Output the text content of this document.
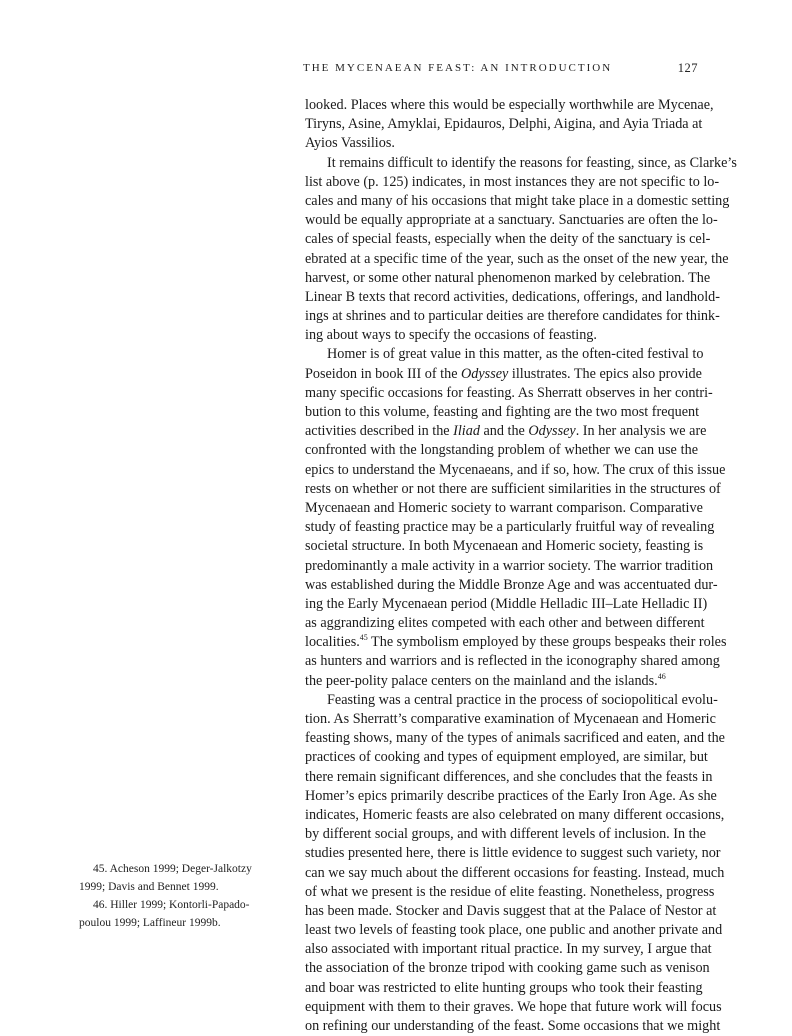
THE MYCENAEAN FEAST: AN INTRODUCTION	127
looked. Places where this would be especially worthwhile are Mycenae,
Tiryns, Asine, Amyklai, Epidauros, Delphi, Aigina, and Ayia Triada at
Ayios Vassilios.
It remains difficult to identify the reasons for feasting, since, as Clarke’s
list above (p. 125) indicates, in most instances they are not specific to lo-
cales and many of his occasions that might take place in a domestic setting
would be equally appropriate at a sanctuary. Sanctuaries are often the lo-
cales of special feasts, especially when the deity of the sanctuary is cel-
ebrated at a specific time of the year, such as the onset of the new year, the
harvest, or some other natural phenomenon marked by celebration. The
Linear B texts that record activities, dedications, offerings, and landhold-
ings at shrines and to particular deities are therefore candidates for think-
ing about ways to specify the occasions of feasting.
Homer is of great value in this matter, as the often-cited festival to
Poseidon in book III of the Odyssey illustrates. The epics also provide
many specific occasions for feasting. As Sherratt observes in her contri-
bution to this volume, feasting and fighting are the two most frequent
activities described in the Iliad and the Odyssey. In her analysis we are
confronted with the longstanding problem of whether we can use the
epics to understand the Mycenaeans, and if so, how. The crux of this issue
rests on whether or not there are sufficient similarities in the structures of
Mycenaean and Homeric society to warrant comparison. Comparative
study of feasting practice may be a particularly fruitful way of revealing
societal structure. In both Mycenaean and Homeric society, feasting is
predominantly a male activity in a warrior society. The warrior tradition
was established during the Middle Bronze Age and was accentuated dur-
ing the Early Mycenaean period (Middle Helladic III–Late Helladic II)
as aggrandizing elites competed with each other and between different
localities.$^{45}$ The symbolism employed by these groups bespeaks their roles
as hunters and warriors and is reflected in the iconography shared among
the peer-polity palace centers on the mainland and the islands.$^{46}$
Feasting was a central practice in the process of sociopolitical evolu-
tion. As Sherratt’s comparative examination of Mycenaean and Homeric
feasting shows, many of the types of animals sacrificed and eaten, and the
practices of cooking and types of equipment employed, are similar, but
there remain significant differences, and she concludes that the feasts in
Homer’s epics primarily describe practices of the Early Iron Age. As she
indicates, Homeric feasts are also celebrated on many different occasions,
by different social groups, and with different levels of inclusion. In the
studies presented here, there is little evidence to suggest such variety, nor
can we say much about the different occasions for feasting. Instead, much
of what we present is the residue of elite feasting. Nonetheless, progress
has been made. Stocker and Davis suggest that at the Palace of Nestor at
least two levels of feasting took place, one public and another private and
also associated with important ritual practice. In my survey, I argue that
the association of the bronze tripod with cooking game such as venison
and boar was restricted to elite hunting groups who took their feasting
equipment with them to their graves. We hope that future work will focus
on refining our understanding of the feast. Some occasions that we might
45. Acheson 1999; Deger-Jalkotzy
1999; Davis and Bennet 1999.
46. Hiller 1999; Kontorli-Papado-
poulou 1999; Laffineur 1999b.
